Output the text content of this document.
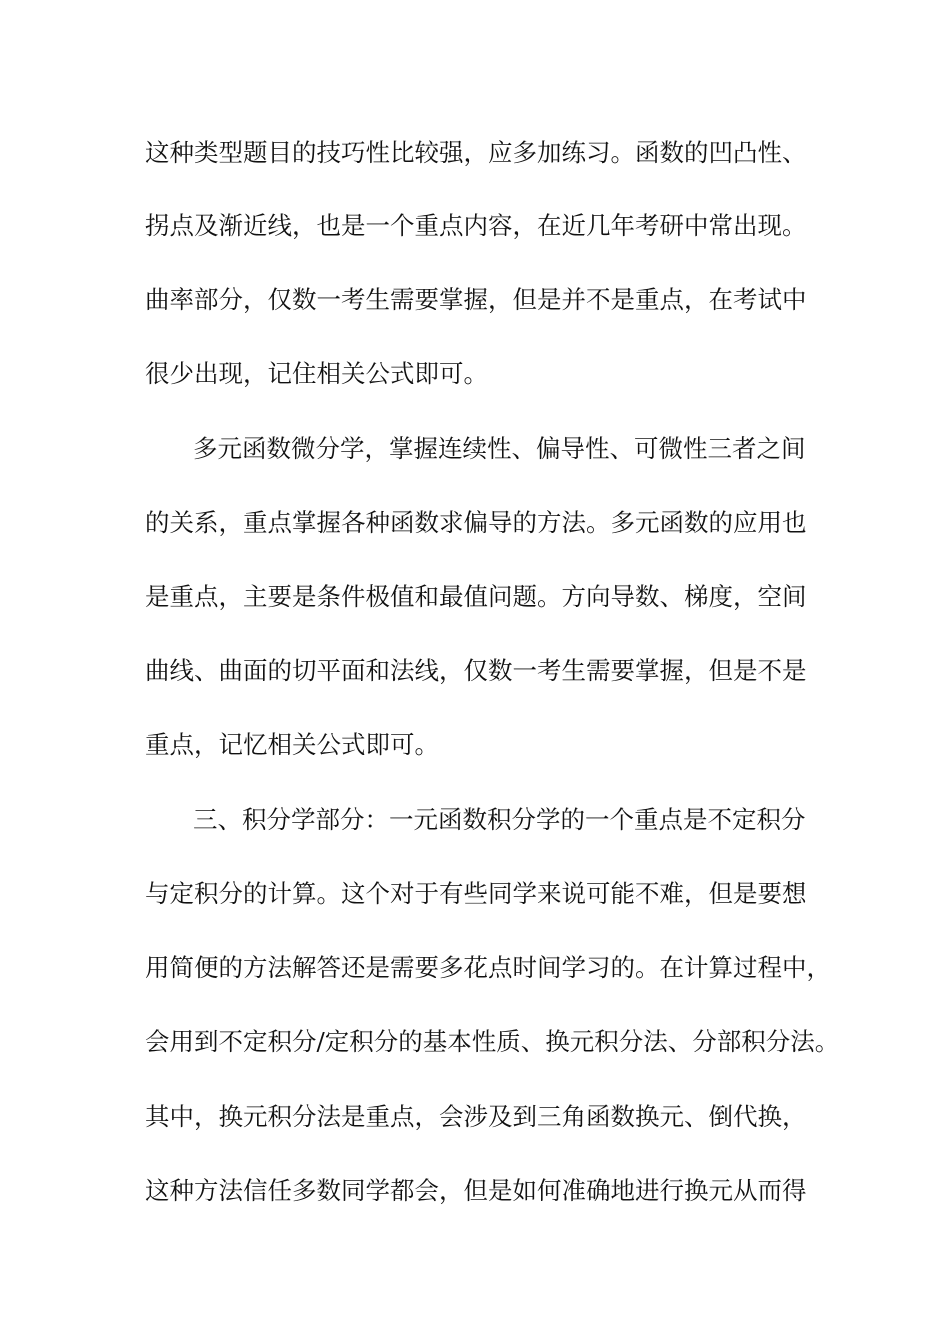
这种类型题目的技巧性比较强，应多加练习。函数的凹凸性、
拐点及渐近线，也是一个重点内容，在近几年考研中常出现。
曲率部分，仅数一考生需要掌握，但是并不是重点，在考试中
很少出现，记住相关公式即可。
多元函数微分学，掌握连续性、偏导性、可微性三者之间
的关系，重点掌握各种函数求偏导的方法。多元函数的应用也
是重点，主要是条件极值和最值问题。方向导数、梯度，空间
曲线、曲面的切平面和法线，仅数一考生需要掌握，但是不是
重点，记忆相关公式即可。
三、积分学部分：一元函数积分学的一个重点是不定积分
与定积分的计算。这个对于有些同学来说可能不难，但是要想
用简便的方法解答还是需要多花点时间学习的。在计算过程中，
会用到不定积分/定积分的基本性质、换元积分法、分部积分法。
其中，换元积分法是重点，会涉及到三角函数换元、倒代换，
这种方法信任多数同学都会，但是如何准确地进行换元从而得
